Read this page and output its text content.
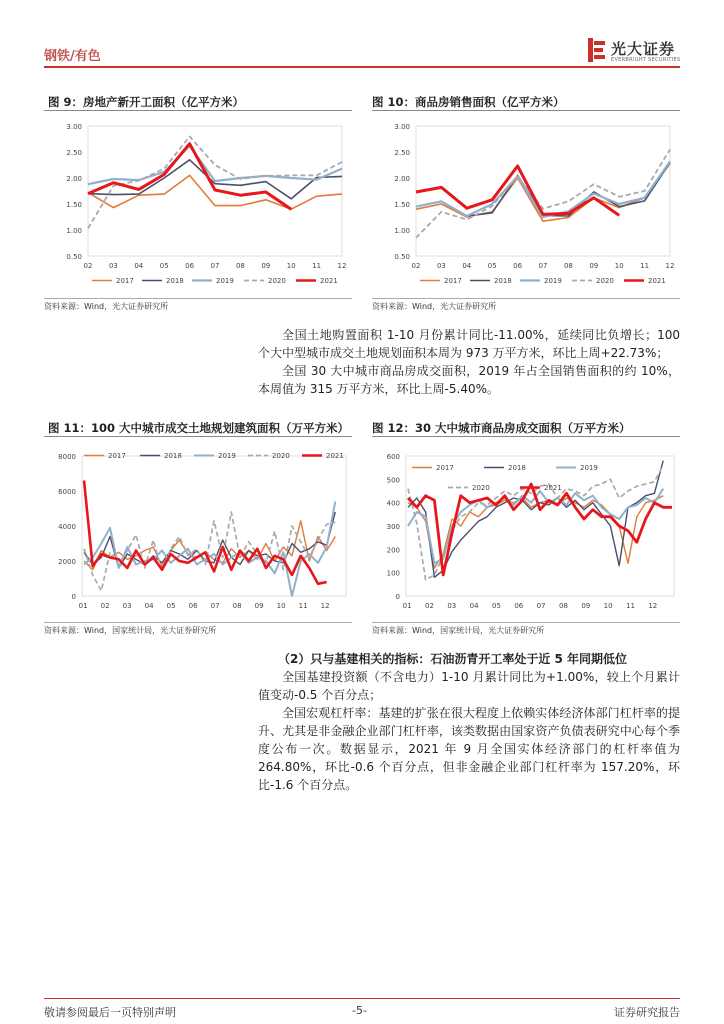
钢铁/有色	光大证券
EVERBRIGHT SECURITIES
图 9：房地产新开工面积（亿平方米）
0.50
1.00
1.50
2.00
2.50
3.00
02 03 04 05 06 07 08 09 10 11 12
2017	2018	2019	2020	2021
资料来源：Wind，光大证券研究所
图 10：商品房销售面积（亿平方米）
0.50
1.00
1.50
2.00
2.50
3.00
02 03 04 05 06 07 08 09 10 11 12
2017	2018	2019	2020	2021
资料来源：Wind，光大证券研究所

全国土地购置面积 1-10 月份累计同比-11.00%，延续同比负增长；100 个大中型城市成交土地规划面积本周为 973 万平方米，环比上周+22.73%；

全国 30 大中城市商品房成交面积，2019 年占全国销售面积的约 10%，本周值为 315 万平方米，环比上周-5.40%。

图 11：100 大中城市成交土地规划建筑面积（万平方米）
0
2000
4000
6000
8000
01 02 03 04 05 06 07 08 09 10 11 12
2017	2018	2019	2020	2021
资料来源：Wind，国家统计局，光大证券研究所
图 12：30 大中城市商品房成交面积（万平方米）
0
100
200
300
400
500
600
01 02 03 04 05 06 07 08 09 10 11 12
2017	2018	2019
2020	2021
资料来源：Wind，国家统计局，光大证券研究所
（2）只与基建相关的指标：石油沥青开工率处于近 5 年同期低位

全国基建投资额（不含电力）1-10 月累计同比为+1.00%，较上个月累计值变动-0.5 个百分点；

全国宏观杠杆率：基建的扩张在很大程度上依赖实体经济体部门杠杆率的提升、尤其是非金融企业部门杠杆率，该类数据由国家资产负债表研究中心每个季度公布一次。数据显示，2021 年 9 月全国实体经济部门的杠杆率值为 264.80%，环比-0.6 个百分点，但非金融企业部门杠杆率为 157.20%，环比-1.6 个百分点。

敬请参阅最后一页特别声明	-5-	证券研究报告
